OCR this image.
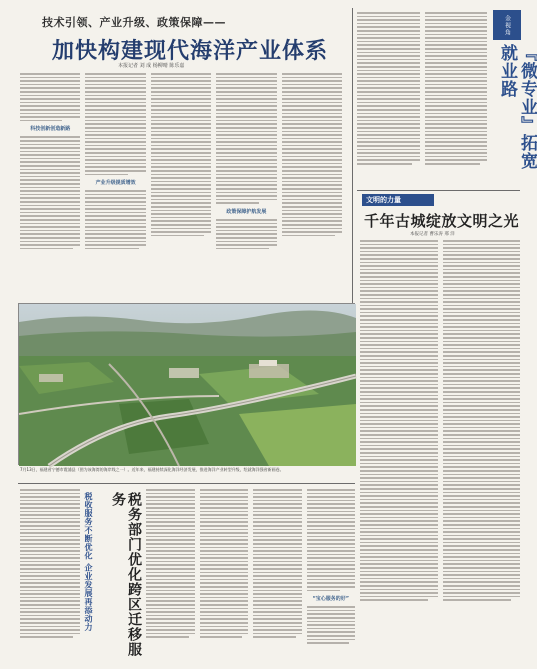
技术引领、产业升级、政策保障——
加快构建现代海洋产业体系
本报记者 刘 成 杨柳晴 陈乐嘉
科技创新创造新路
产业升级提质增效
政策保障护航发展
金视角
『微专业』拓宽就业路
文明的力量
千年古城绽放文明之光
本报记者 曹乐涛 邢 洋
7月13日，福建省宁德市霞浦县（图为该海湾的海岸线之一）。近年来，福建持续深化海洋经济发展，推进海洋产业转型升级，绘就海洋强省新画卷。
税收服务不断优化 企业发展再添动力	税务部门优化跨区迁移服务
“宝心服务的好”
